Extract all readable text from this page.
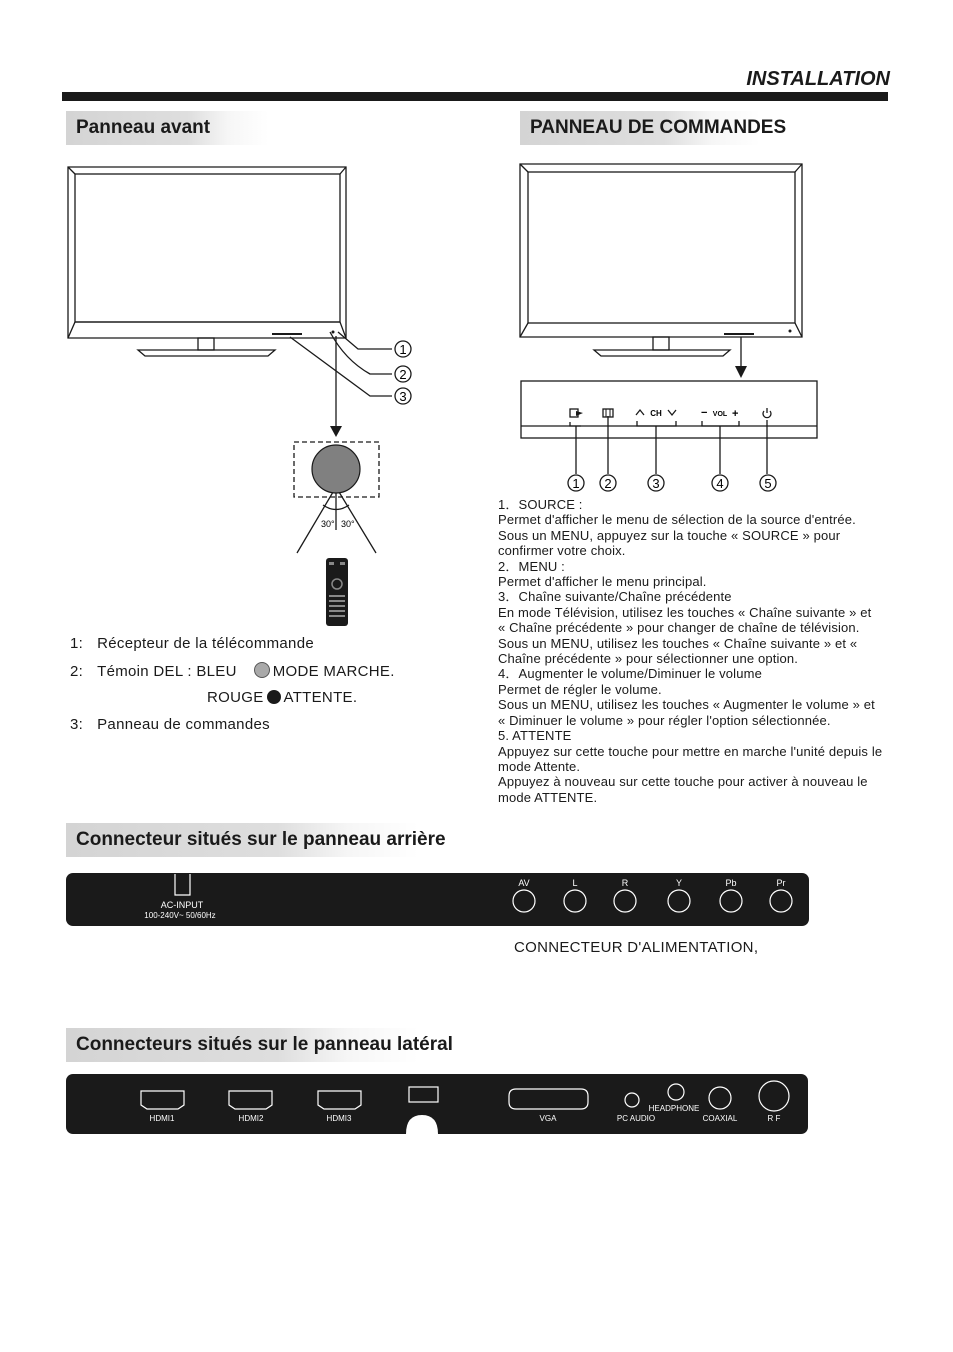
INSTALLATION
Panneau avant	PANNEAU DE COMMANDES
Connecteur situés sur le panneau arrière
Connecteurs situés sur le panneau latéral
1
2
3
30° 30°
1: Récepteur de la télécommande
2: Témoin DEL : BLEU MODE MARCHE.
ROUGE ATTENTE.
3: Panneau de commandes
CH	− VOL +
1 2	3	4	5
1．SOURCE :
Permet d'afficher le menu de sélection de la source d'entrée.
Sous un MENU, appuyez sur la touche « SOURCE » pour
confirmer votre choix.
2．MENU :
Permet d'afficher le menu principal.
3．Chaîne suivante/Chaîne précédente
En mode Télévision, utilisez les touches « Chaîne suivante » et
« Chaîne précédente » pour changer de chaîne de télévision.
Sous un MENU, utilisez les touches « Chaîne suivante » et «
Chaîne précédente » pour sélectionner une option.
4．Augmenter le volume/Diminuer le volume
Permet de régler le volume.
Sous un MENU, utilisez les touches « Augmenter le volume » et
« Diminuer le volume » pour régler l'option sélectionnée.
5. ATTENTE
Appuyez sur cette touche pour mettre en marche l'unité depuis le
mode Attente.
Appuyez à nouveau sur cette touche pour activer à nouveau le
mode ATTENTE.
AC-INPUT
100-240V~ 50/60Hz
AV	L	R	Y	Pb	Pr
CONNECTEUR D'ALIMENTATION,
HDMI1	HDMI2	HDMI3	VGA	PC AUDIO
HEADPHONE
COAXIAL	R F
USB
